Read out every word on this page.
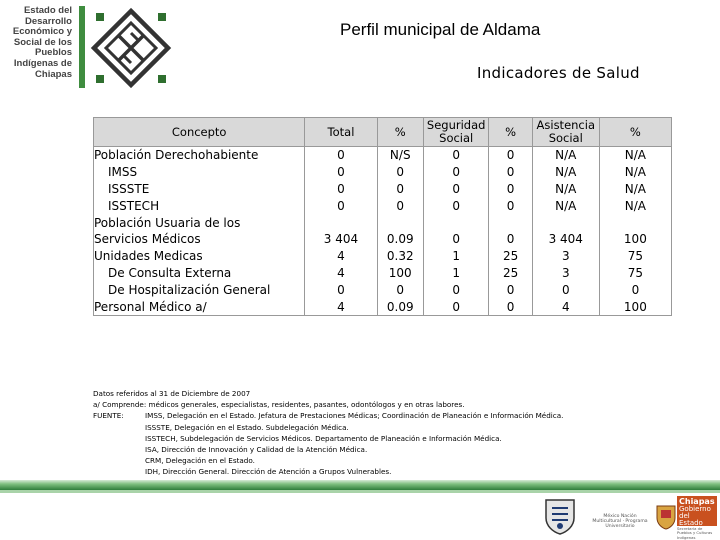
Estado del
Desarrollo
Económico y
Social de los
Pueblos
Indígenas de
Chiapas
Perfil municipal de Aldama
Indicadores de Salud
Concepto	Total	%	Seguridad Social	%	Asistencia Social	%
Población Derechohabiente	0	N/S	0	0	N/A	N/A
IMSS	0	0	0	0	N/A	N/A
ISSSTE	0	0	0	0	N/A	N/A
ISSTECH	0	0	0	0	N/A	N/A
Población Usuaria de los						
Servicios Médicos	3 404	0.09	0	0	3 404	100
Unidades Medicas	4	0.32	1	25	3	75
De Consulta Externa	4	100	1	25	3	75
De Hospitalización General	0	0	0	0	0	0
Personal Médico a/	4	0.09	0	0	4	100
Datos referidos al 31 de Diciembre de 2007
a/ Comprende: médicos generales, especialistas, residentes, pasantes, odontólogos y en otras labores.
FUENTE:	IMSS, Delegación en el Estado. Jefatura de Prestaciones Médicas; Coordinación de Planeación e Información Médica.
ISSSTE, Delegación en el Estado. Subdelegación Médica.
ISSTECH, Subdelegación de Servicios Médicos. Departamento de Planeación e Información Médica.
ISA, Dirección de Innovación y Calidad de la Atención Médica.
CRM, Delegación en el Estado.
IDH, Dirección General. Dirección de Atención a Grupos Vulnerables.
México Nación Multicultural · Programa Universitario
Chiapas
Gobierno del Estado
Secretaría de Pueblos y Culturas Indígenas
